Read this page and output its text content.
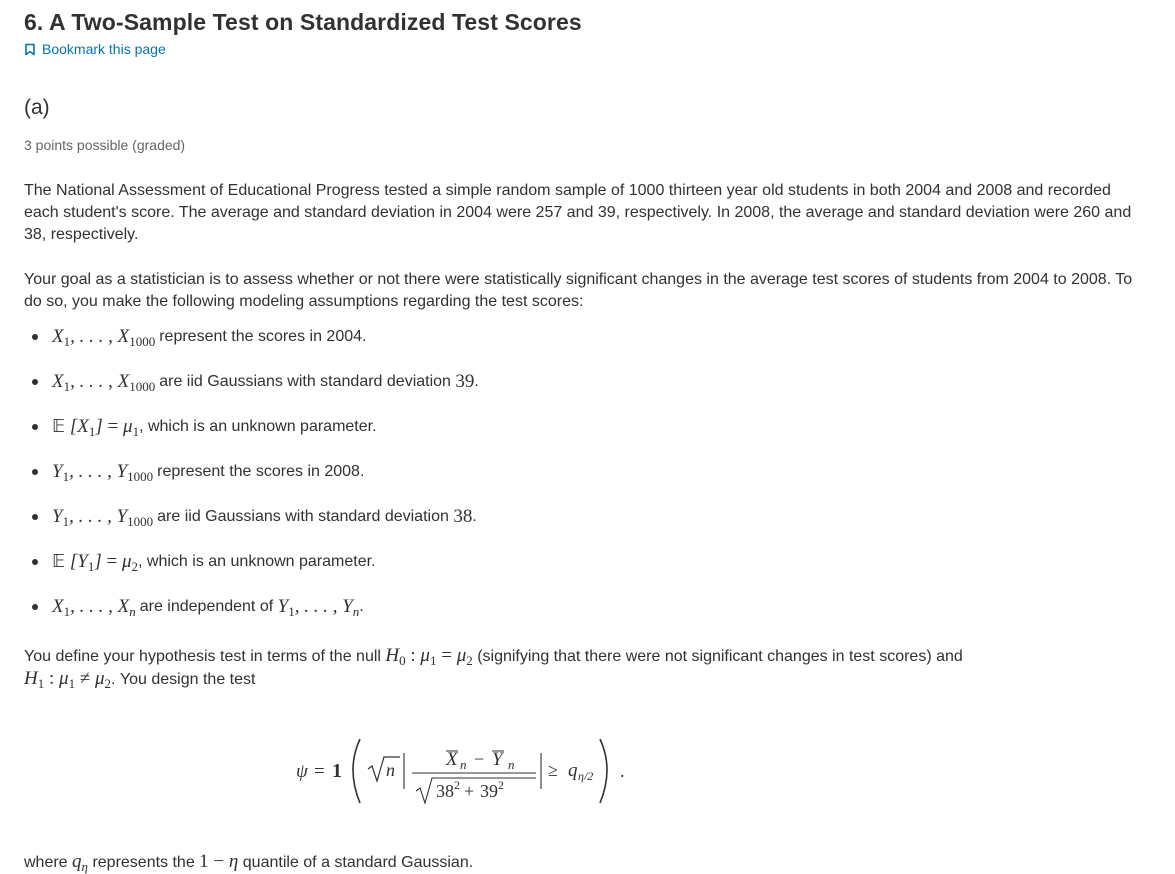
6. A Two-Sample Test on Standardized Test Scores
Bookmark this page
(a)
3 points possible (graded)

The National Assessment of Educational Progress tested a simple random sample of 1000 thirteen year old students in both 2004 and 2008 and recorded each student's score. The average and standard deviation in 2004 were 257 and 39, respectively. In 2008, the average and standard deviation were 260 and 38, respectively.

Your goal as a statistician is to assess whether or not there were statistically significant changes in the average test scores of students from 2004 to 2008. To do so, you make the following modeling assumptions regarding the test scores:

$X_1$, . . . , $X_{1000}$ represent the scores in 2004.
$X_1$, . . . , $X_{1000}$ are iid Gaussians with standard deviation
39 .
𝔼 $[X_1] = \mu_1$ , which is an unknown parameter.
$Y_1$, . . . , $Y_{1000}$ represent the scores in 2008.
$Y_1$, . . . , $Y_{1000}$ are iid Gaussians with standard deviation
38 .
𝔼 $[Y_1] = \mu_2$ , which is an unknown parameter.
$X_1$, . . . , $X_n$ are independent of
$Y_1$, . . . , $Y_n$ .

You define your hypothesis test in terms of the null $H_0$ : $\mu_1 = \mu_2$ (signifying that there were not significant changes in test scores) and
$H_1$ : $\mu_1 \ne \mu_2$. You design the test

ψ = 1 n	X n − Y n
38 2 + 39 2
≥ q η/2 .

where $q_\eta$ represents the 1 − η quantile of a standard Gaussian.
